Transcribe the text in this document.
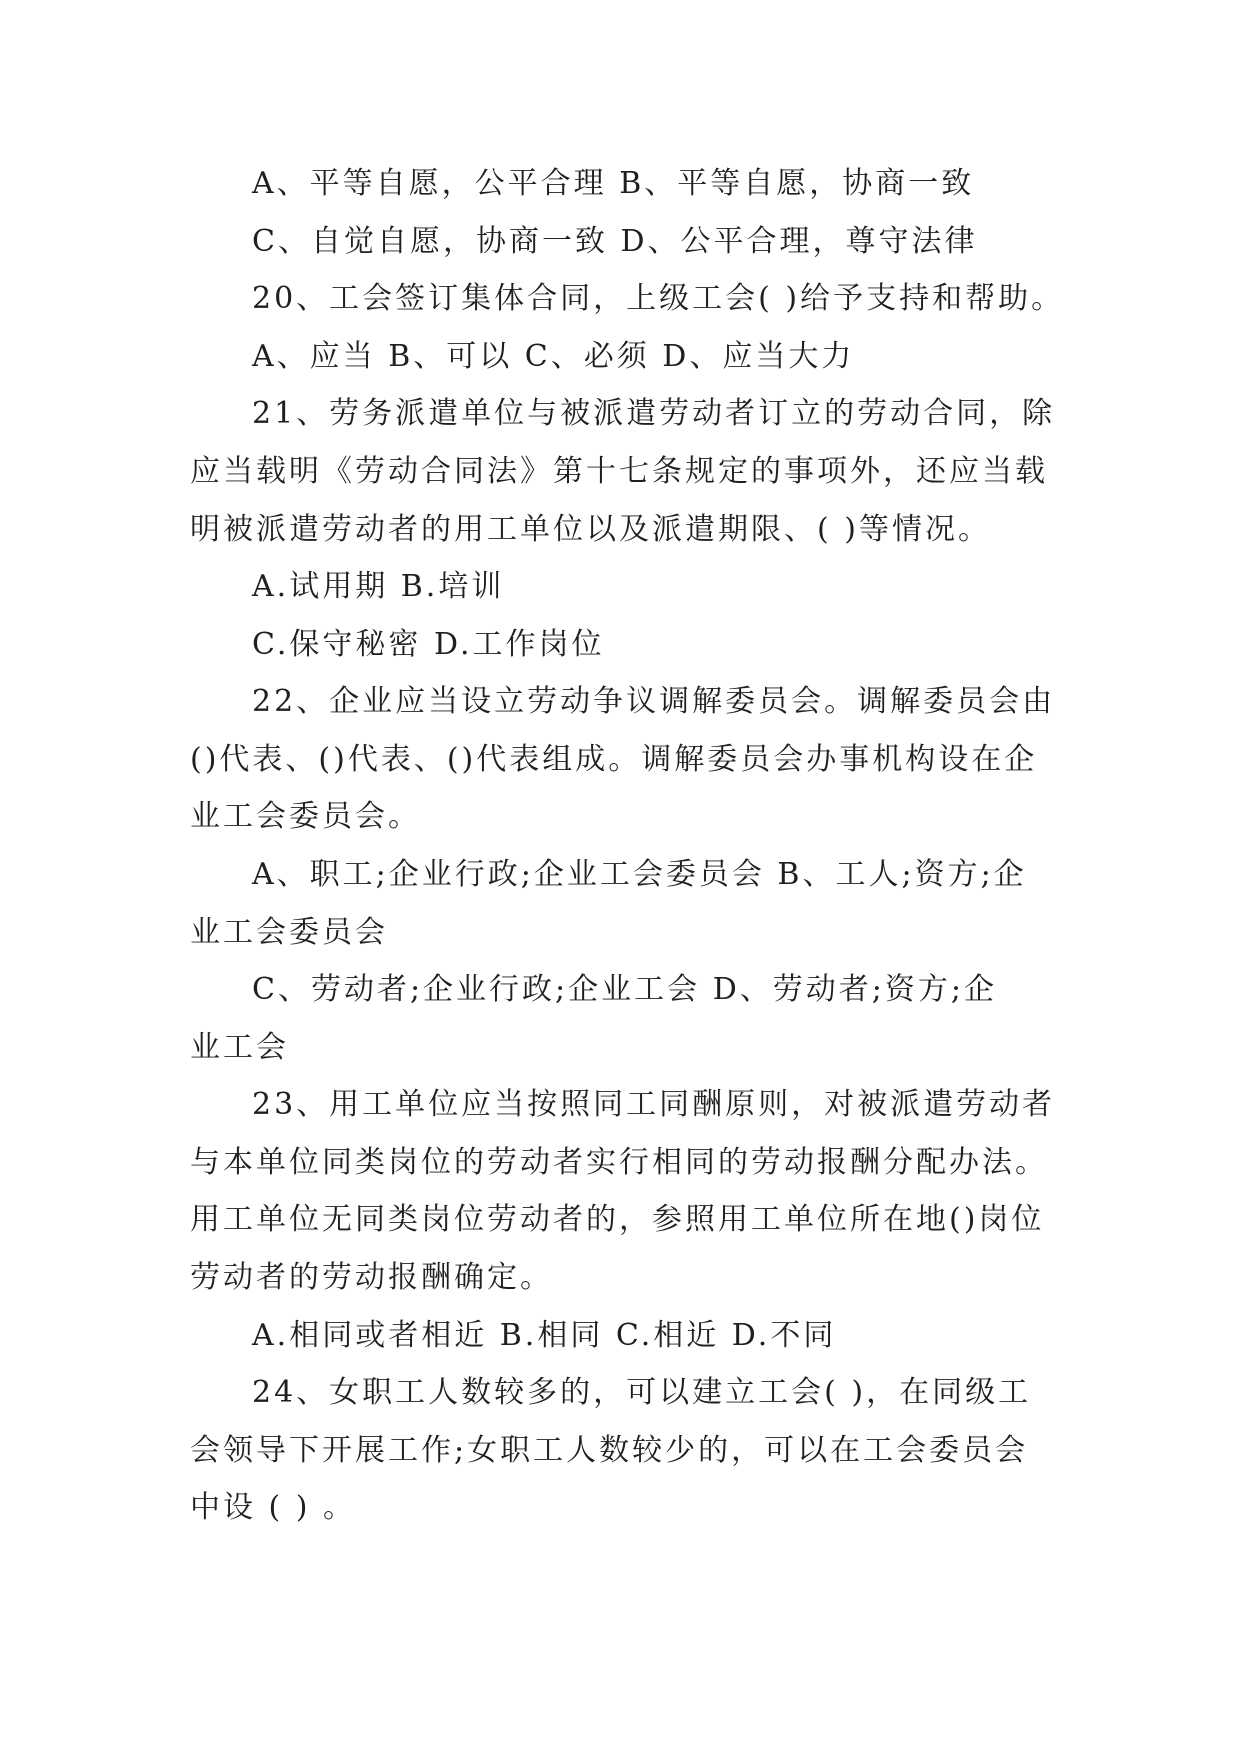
A、平等自愿，公平合理 B、平等自愿，协商一致

C、自觉自愿，协商一致 D、公平合理，尊守法律

20、工会签订集体合同，上级工会( )给予支持和帮助。

A、应当 B、可以 C、必须 D、应当大力

21、劳务派遣单位与被派遣劳动者订立的劳动合同，除

应当载明《劳动合同法》第十七条规定的事项外，还应当载

明被派遣劳动者的用工单位以及派遣期限、( )等情况。

A.试用期 B.培训

C.保守秘密 D.工作岗位

22、企业应当设立劳动争议调解委员会。调解委员会由

()代表、()代表、()代表组成。调解委员会办事机构设在企

业工会委员会。

A、职工;企业行政;企业工会委员会 B、工人;资方;企

业工会委员会

C、劳动者;企业行政;企业工会 D、劳动者;资方;企

业工会

23、用工单位应当按照同工同酬原则，对被派遣劳动者

与本单位同类岗位的劳动者实行相同的劳动报酬分配办法。

用工单位无同类岗位劳动者的，参照用工单位所在地()岗位

劳动者的劳动报酬确定。

A.相同或者相近 B.相同 C.相近 D.不同

24、女职工人数较多的，可以建立工会( )，在同级工

会领导下开展工作;女职工人数较少的，可以在工会委员会

中设 ( ) 。
